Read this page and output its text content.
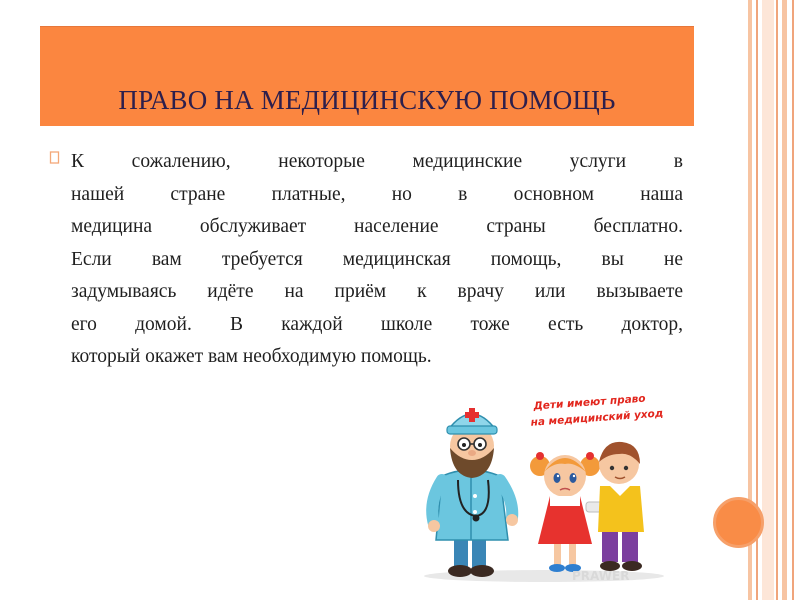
ПРАВО НА МЕДИЦИНСКУЮ ПОМОЩЬ
К сожалению, некоторые медицинские услуги в
нашей стране платные, но в основном наша
медицина обслуживает население страны бесплатно.
Если вам требуется медицинская помощь, вы не
задумываясь идёте на приём к врачу или вызываете
его домой. В каждой школе тоже есть доктор,
который окажет вам необходимую помощь.
Дети имеют право
на медицинский уход
PRAWER
